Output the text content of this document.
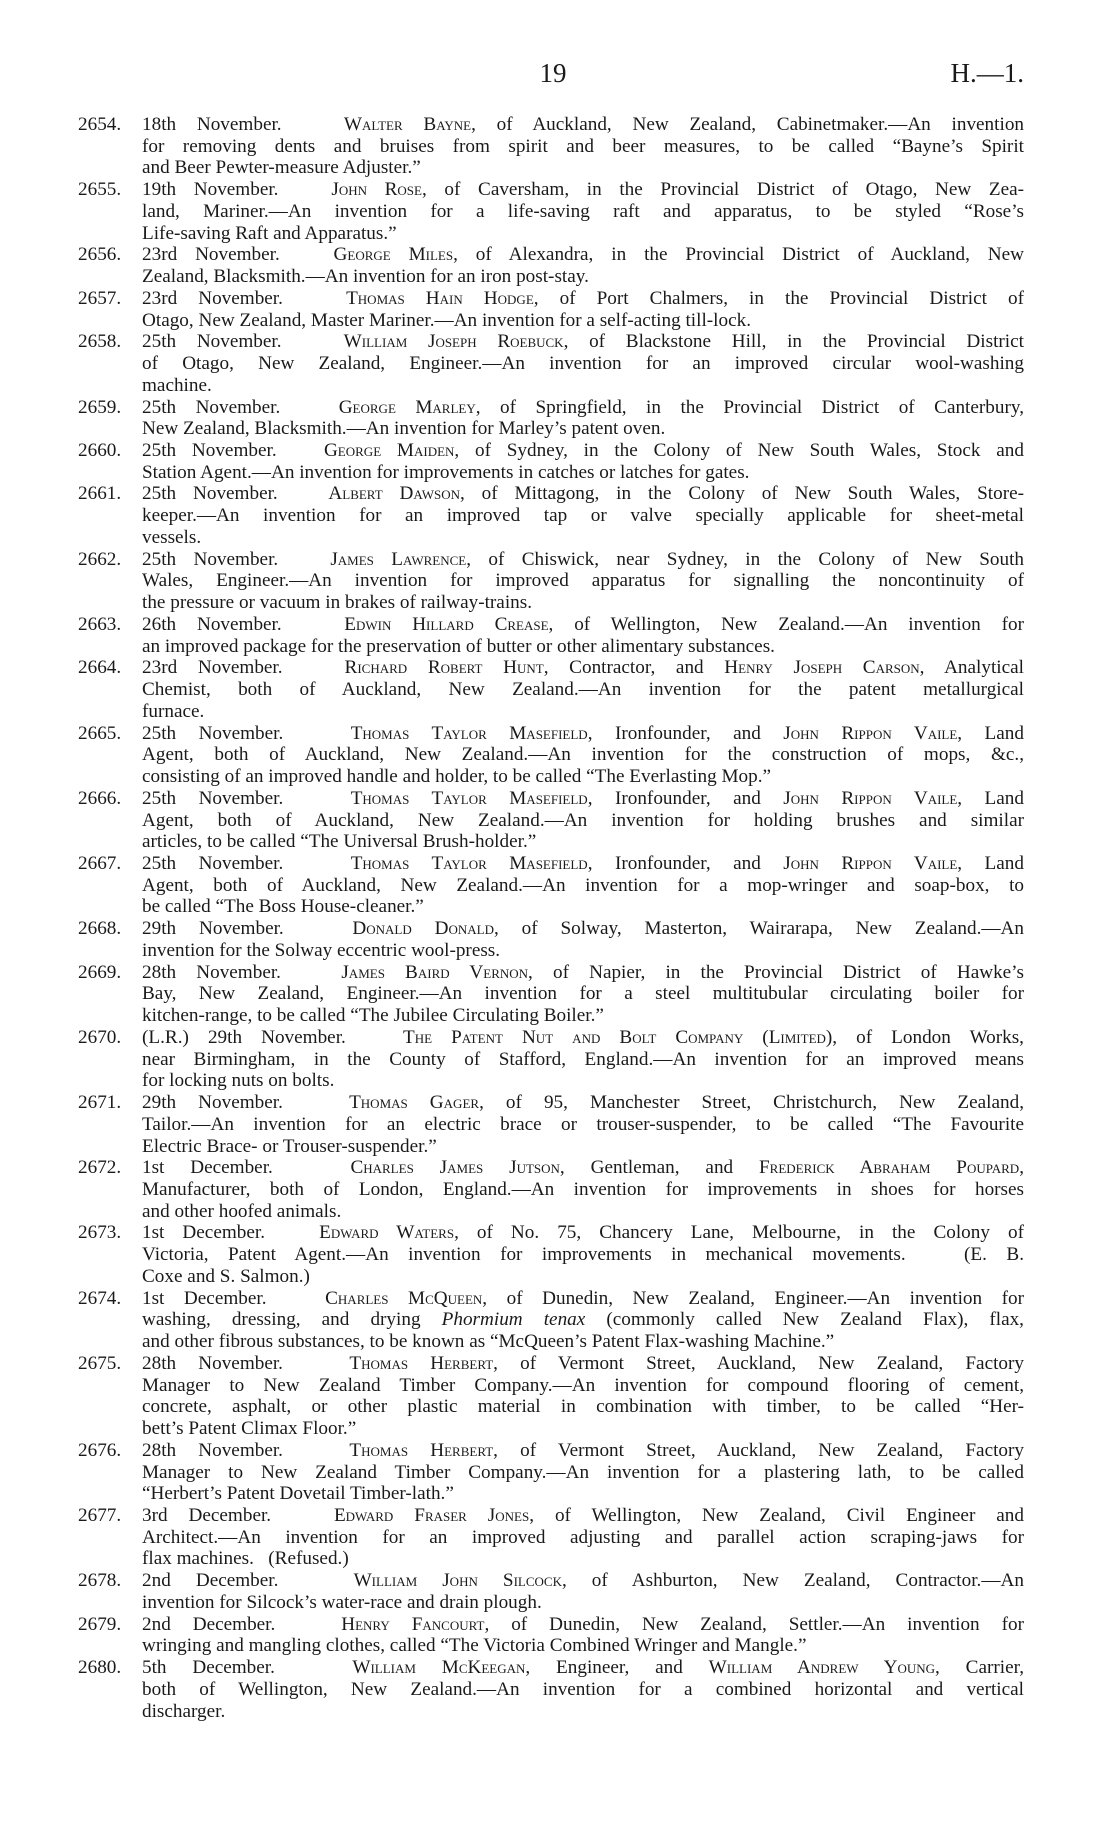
19	H.—1.
2654.	18th November.   Walter Bayne, of Auckland, New Zealand, Cabinetmaker.—An invention
for removing dents and bruises from spirit and beer measures, to be called “Bayne’s Spirit
and Beer Pewter-measure Adjuster.”
2655.	19th November.   John Rose, of Caversham, in the Provincial District of Otago, New Zea-
land, Mariner.—An invention for a life-saving raft and apparatus, to be styled “Rose’s
Life-saving Raft and Apparatus.”
2656.	23rd November.   George Miles, of Alexandra, in the Provincial District of Auckland, New
Zealand, Blacksmith.—An invention for an iron post-stay.
2657.	23rd November.   Thomas Hain Hodge, of Port Chalmers, in the Provincial District of
Otago, New Zealand, Master Mariner.—An invention for a self-acting till-lock.
2658.	25th November.   William Joseph Roebuck, of Blackstone Hill, in the Provincial District
of Otago, New Zealand, Engineer.—An invention for an improved circular wool-washing
machine.
2659.	25th November.   George Marley, of Springfield, in the Provincial District of Canterbury,
New Zealand, Blacksmith.—An invention for Marley’s patent oven.
2660.	25th November.   George Maiden, of Sydney, in the Colony of New South Wales, Stock and
Station Agent.—An invention for improvements in catches or latches for gates.
2661.	25th November.   Albert Dawson, of Mittagong, in the Colony of New South Wales, Store-
keeper.—An invention for an improved tap or valve specially applicable for sheet-metal
vessels.
2662.	25th November.   James Lawrence, of Chiswick, near Sydney, in the Colony of New South
Wales, Engineer.—An invention for improved apparatus for signalling the noncontinuity of
the pressure or vacuum in brakes of railway-trains.
2663.	26th November.   Edwin Hillard Crease, of Wellington, New Zealand.—An invention for
an improved package for the preservation of butter or other alimentary substances.
2664.	23rd November.   Richard Robert Hunt, Contractor, and Henry Joseph Carson, Analytical
Chemist, both of Auckland, New Zealand.—An invention for the patent metallurgical
furnace.
2665.	25th November.   Thomas Taylor Masefield, Ironfounder, and John Rippon Vaile, Land
Agent, both of Auckland, New Zealand.—An invention for the construction of mops, &c.,
consisting of an improved handle and holder, to be called “The Everlasting Mop.”
2666.	25th November.   Thomas Taylor Masefield, Ironfounder, and John Rippon Vaile, Land
Agent, both of Auckland, New Zealand.—An invention for holding brushes and similar
articles, to be called “The Universal Brush-holder.”
2667.	25th November.   Thomas Taylor Masefield, Ironfounder, and John Rippon Vaile, Land
Agent, both of Auckland, New Zealand.—An invention for a mop-wringer and soap-box, to
be called “The Boss House-cleaner.”
2668.	29th November.   Donald Donald, of Solway, Masterton, Wairarapa, New Zealand.—An
invention for the Solway eccentric wool-press.
2669.	28th November.   James Baird Vernon, of Napier, in the Provincial District of Hawke’s
Bay, New Zealand, Engineer.—An invention for a steel multitubular circulating boiler for
kitchen-range, to be called “The Jubilee Circulating Boiler.”
2670.	(L.R.) 29th November.   The Patent Nut and Bolt Company (Limited), of London Works,
near Birmingham, in the County of Stafford, England.—An invention for an improved means
for locking nuts on bolts.
2671.	29th November.   Thomas Gager, of 95, Manchester Street, Christchurch, New Zealand,
Tailor.—An invention for an electric brace or trouser-suspender, to be called “The Favourite
Electric Brace- or Trouser-suspender.”
2672.	1st December.   Charles James Jutson, Gentleman, and Frederick Abraham Poupard,
Manufacturer, both of London, England.—An invention for improvements in shoes for horses
and other hoofed animals.
2673.	1st December.   Edward Waters, of No. 75, Chancery Lane, Melbourne, in the Colony of
Victoria, Patent Agent.—An invention for improvements in mechanical movements.   (E. B.
Coxe and S. Salmon.)
2674.	1st December.   Charles McQueen, of Dunedin, New Zealand, Engineer.—An invention for
washing, dressing, and drying Phormium tenax (commonly called New Zealand Flax), flax,
and other fibrous substances, to be known as “McQueen’s Patent Flax-washing Machine.”
2675.	28th November.   Thomas Herbert, of Vermont Street, Auckland, New Zealand, Factory
Manager to New Zealand Timber Company.—An invention for compound flooring of cement,
concrete, asphalt, or other plastic material in combination with timber, to be called “Her-
bett’s Patent Climax Floor.”
2676.	28th November.   Thomas Herbert, of Vermont Street, Auckland, New Zealand, Factory
Manager to New Zealand Timber Company.—An invention for a plastering lath, to be called
“Herbert’s Patent Dovetail Timber-lath.”
2677.	3rd December.   Edward Fraser Jones, of Wellington, New Zealand, Civil Engineer and
Architect.—An invention for an improved adjusting and parallel action scraping-jaws for
flax machines.   (Refused.)
2678.	2nd December.   William John Silcock, of Ashburton, New Zealand, Contractor.—An
invention for Silcock’s water-race and drain plough.
2679.	2nd December.   Henry Fancourt, of Dunedin, New Zealand, Settler.—An invention for
wringing and mangling clothes, called “The Victoria Combined Wringer and Mangle.”
2680.	5th December.   William McKeegan, Engineer, and William Andrew Young, Carrier,
both of Wellington, New Zealand.—An invention for a combined horizontal and vertical
discharger.
